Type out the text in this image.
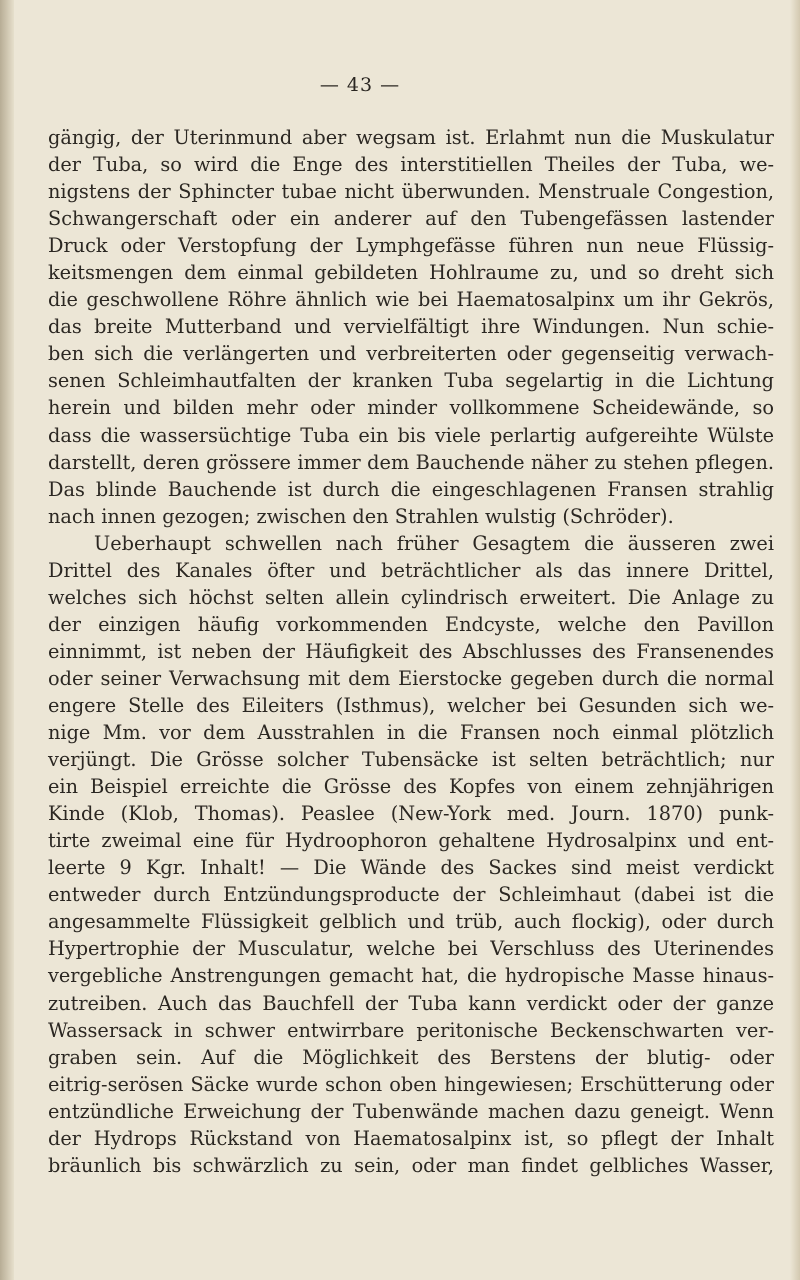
— 43 —
gängig, der Uterinmund aber wegsam ist. Erlahmt nun die Muskulatur
der Tuba, so wird die Enge des interstitiellen Theiles der Tuba, we-
nigstens der Sphincter tubae nicht überwunden. Menstruale Congestion,
Schwangerschaft oder ein anderer auf den Tubengefässen lastender
Druck oder Verstopfung der Lymphgefässe führen nun neue Flüssig-
keitsmengen dem einmal gebildeten Hohlraume zu, und so dreht sich
die geschwollene Röhre ähnlich wie bei Haematosalpinx um ihr Gekrös,
das breite Mutterband und vervielfältigt ihre Windungen. Nun schie-
ben sich die verlängerten und verbreiterten oder gegenseitig verwach-
senen Schleimhautfalten der kranken Tuba segelartig in die Lichtung
herein und bilden mehr oder minder vollkommene Scheidewände, so
dass die wassersüchtige Tuba ein bis viele perlartig aufgereihte Wülste
darstellt, deren grössere immer dem Bauchende näher zu stehen pflegen.
Das blinde Bauchende ist durch die eingeschlagenen Fransen strahlig
nach innen gezogen; zwischen den Strahlen wulstig (Schröder).
Ueberhaupt schwellen nach früher Gesagtem die äusseren zwei
Drittel des Kanales öfter und beträchtlicher als das innere Drittel,
welches sich höchst selten allein cylindrisch erweitert. Die Anlage zu
der einzigen häufig vorkommenden Endcyste, welche den Pavillon
einnimmt, ist neben der Häufigkeit des Abschlusses des Fransenendes
oder seiner Verwachsung mit dem Eierstocke gegeben durch die normal
engere Stelle des Eileiters (Isthmus), welcher bei Gesunden sich we-
nige Mm. vor dem Ausstrahlen in die Fransen noch einmal plötzlich
verjüngt. Die Grösse solcher Tubensäcke ist selten beträchtlich; nur
ein Beispiel erreichte die Grösse des Kopfes von einem zehnjährigen
Kinde (Klob, Thomas). Peaslee (New-York med. Journ. 1870) punk-
tirte zweimal eine für Hydroophoron gehaltene Hydrosalpinx und ent-
leerte 9 Kgr. Inhalt! — Die Wände des Sackes sind meist verdickt
entweder durch Entzündungsproducte der Schleimhaut (dabei ist die
angesammelte Flüssigkeit gelblich und trüb, auch flockig), oder durch
Hypertrophie der Musculatur, welche bei Verschluss des Uterinendes
vergebliche Anstrengungen gemacht hat, die hydropische Masse hinaus-
zutreiben. Auch das Bauchfell der Tuba kann verdickt oder der ganze
Wassersack in schwer entwirrbare peritonische Beckenschwarten ver-
graben sein. Auf die Möglichkeit des Berstens der blutig- oder
eitrig-serösen Säcke wurde schon oben hingewiesen; Erschütterung oder
entzündliche Erweichung der Tubenwände machen dazu geneigt. Wenn
der Hydrops Rückstand von Haematosalpinx ist, so pflegt der Inhalt
bräunlich bis schwärzlich zu sein, oder man findet gelbliches Wasser,
